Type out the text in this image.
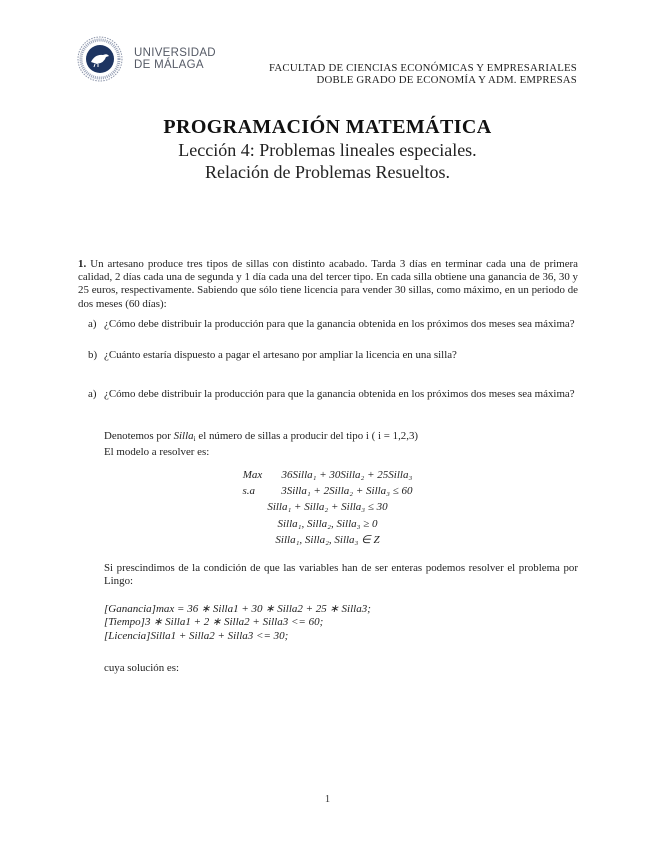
UNIVERSIDAD
DE MÁLAGA	FACULTAD DE CIENCIAS ECONÓMICAS Y EMPRESARIALES
DOBLE GRADO DE ECONOMÍA Y ADM. EMPRESAS
PROGRAMACIÓN MATEMÁTICA
Lección 4: Problemas lineales especiales.
Relación de Problemas Resueltos.
1. Un artesano produce tres tipos de sillas con distinto acabado. Tarda 3 días en terminar cada una de primera calidad, 2 días cada una de segunda y 1 día cada una del tercer tipo. En cada silla obtiene una ganancia de 36, 30 y 25 euros, respectivamente. Sabiendo que sólo tiene licencia para vender 30 sillas, como máximo, en un periodo de dos meses (60 días):
a) ¿Cómo debe distribuir la producción para que la ganancia obtenida en los próximos dos meses sea máxima?
b) ¿Cuánto estaría dispuesto a pagar el artesano por ampliar la licencia en una silla?
a) ¿Cómo debe distribuir la producción para que la ganancia obtenida en los próximos dos meses sea máxima?
Denotemos por Silla$_i$ el número de sillas a producir del tipo i ( i = 1,2,3)
El modelo a resolver es:
Max 36Silla₁ + 30Silla₂ + 25Silla₃
s.a 3Silla₁ + 2Silla₂ + Silla₃ ≤ 60
Silla₁ + Silla₂ + Silla₃ ≤ 30
Silla₁, Silla₂, Silla₃ ≥ 0
Silla₁, Silla₂, Silla₃ ∈ Z
Si prescindimos de la condición de que las variables han de ser enteras podemos resolver el problema por Lingo:
[Ganancia]max = 36 ∗ Silla1 + 30 ∗ Silla2 + 25 ∗ Silla3;
[Tiempo]3 ∗ Silla1 + 2 ∗ Silla2 + Silla3 <= 60;
[Licencia]Silla1 + Silla2 + Silla3 <= 30;
cuya solución es:
1
